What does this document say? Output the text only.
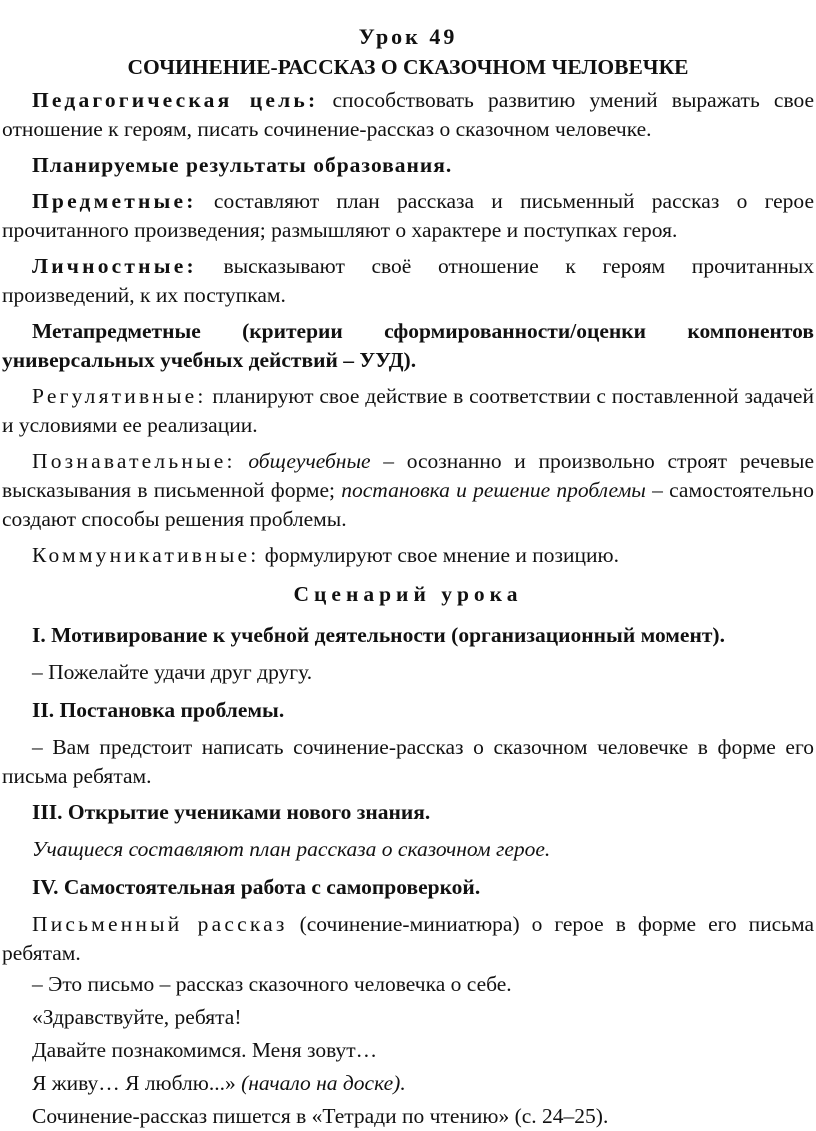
Урок 49
СОЧИНЕНИЕ-РАССКАЗ О СКАЗОЧНОМ ЧЕЛОВЕЧКЕ

Педагогическая цель: способствовать развитию умений выражать свое отношение к героям, писать сочинение-рассказ о сказочном человечке.

Планируемые результаты образования.

Предметные: составляют план рассказа и письменный рассказ о герое прочитанного произведения; размышляют о характере и поступках героя.

Личностные: высказывают своё отношение к героям прочитанных произведений, к их поступкам.

Метапредметные (критерии сформированности/оценки компонентов универсальных учебных действий – УУД).

Регулятивные: планируют свое действие в соответствии с поставленной задачей и условиями ее реализации.

Познавательные: общеучебные – осознанно и произвольно строят речевые высказывания в письменной форме; постановка и решение проблемы – самостоятельно создают способы решения проблемы.

Коммуникативные: формулируют свое мнение и позицию.

Сценарий урока
I. Мотивирование к учебной деятельности (организационный момент).
– Пожелайте удачи друг другу.
II. Постановка проблемы.

– Вам предстоит написать сочинение-рассказ о сказочном человечке в форме его письма ребятам.

III. Открытие учениками нового знания.
Учащиеся составляют план рассказа о сказочном герое.
IV. Самостоятельная работа с самопроверкой.

Письменный рассказ (сочинение-миниатюра) о герое в форме его письма ребятам.

– Это письмо – рассказ сказочного человечка о себе.
«Здравствуйте, ребята!
Давайте познакомимся. Меня зовут…
Я живу… Я люблю...» (начало на доске).
Сочинение-рассказ пишется в «Тетради по чтению» (с. 24–25).
